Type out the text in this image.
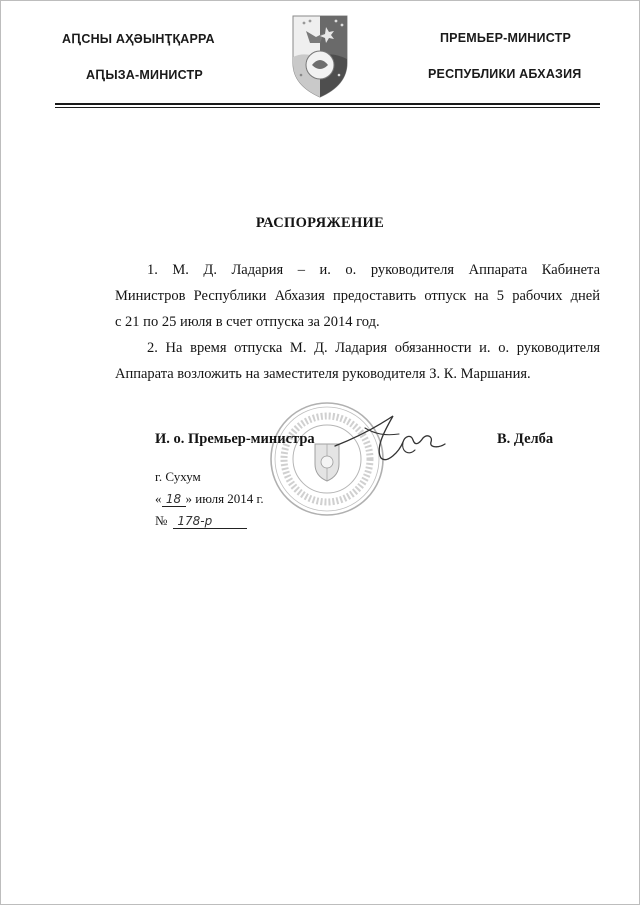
АԤСНЫ АҲӘЫНҬҚАРРА
АԤЫЗА-МИНИСТР
ПРЕМЬЕР-МИНИСТР
РЕСПУБЛИКИ АБХАЗИЯ
РАСПОРЯЖЕНИЕ
1. М. Д. Ладария – и. о. руководителя Аппарата Кабинета
Министров Республики Абхазия предоставить отпуск на 5 рабочих дней
с 21 по 25 июля в счет отпуска за 2014 год.
2. На время отпуска М. Д. Ладария обязанности и. о. руководителя
Аппарата возложить на заместителя руководителя З. К. Маршания.
И. о. Премьер-министра	В. Делба
г. Сухум
« 18 » июля 2014 г.
№ 178-р
